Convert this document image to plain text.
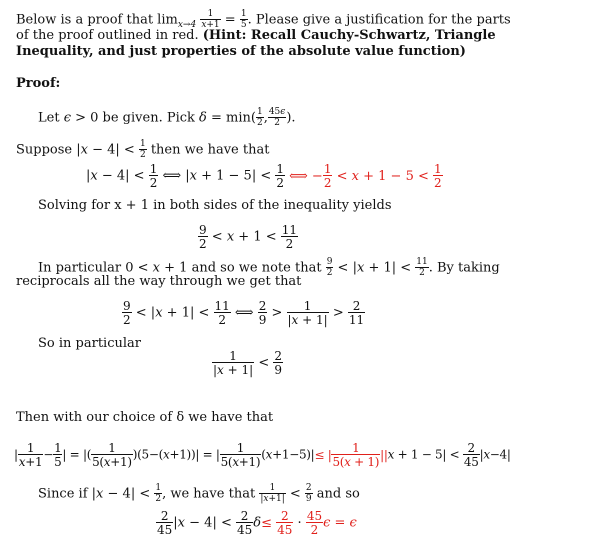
Below is a proof that $\lim_{x\to 4} \frac{1}{x+1} = \frac{1}{5}$ . Please give a justification for the parts
of the proof outlined in red. (Hint: Recall Cauchy-Schwartz, Triangle
Inequality, and just properties of the absolute value function)
Proof:
Let ϵ > 0 be given. Pick $\delta = \min( \frac{1}{2}$ , $\frac{45\epsilon}{2}$ ).
Suppose $|x - 4| < \frac{1}{2}$ then we have that
$|x - 4| < \frac{1}{2}$ ⟺ $|x + 1 - 5| < \frac{1}{2}$ ⟺ − $\frac{1}{2} < x + 1 - 5 < \frac{1}{2}$
Solving for x + 1 in both sides of the inequality yields
$\frac{9}{2} < x + 1 < \frac{11}{2}$
In particular 0 < x + 1 and so we note that $\frac{9}{2} < |x + 1| < \frac{11}{2}$ . By taking
reciprocals all the way through we get that
$\frac{9}{2} < |x + 1| < \frac{11}{2}$ ⟺ $\frac{2}{9} > \frac{1}{|x + 1|} > \frac{2}{11}$
So in particular
$\frac{1}{|x + 1|} < \frac{2}{9}$
Then with our choice of δ we have that
| $\frac{1}{x+1} - \frac{1}{5}$ | = |( $\frac{1}{5(x+1)} )(5-(x+1))|$ = | $\frac{1}{5(x+1)} (x+1-5)|\le$ | $\frac{1}{5(x + 1)} ||x + 1 - 5| < \frac{2}{45} |x-4|$
Since if $|x - 4| < \frac{1}{2}$ , we have that $\frac{1}{|x+1|} < \frac{2}{9}$ and so
$\frac{2}{45} |x - 4| < \frac{2}{45} \delta\le \frac{2}{45} \cdot \frac{45}{2}$ ϵ = ϵ
